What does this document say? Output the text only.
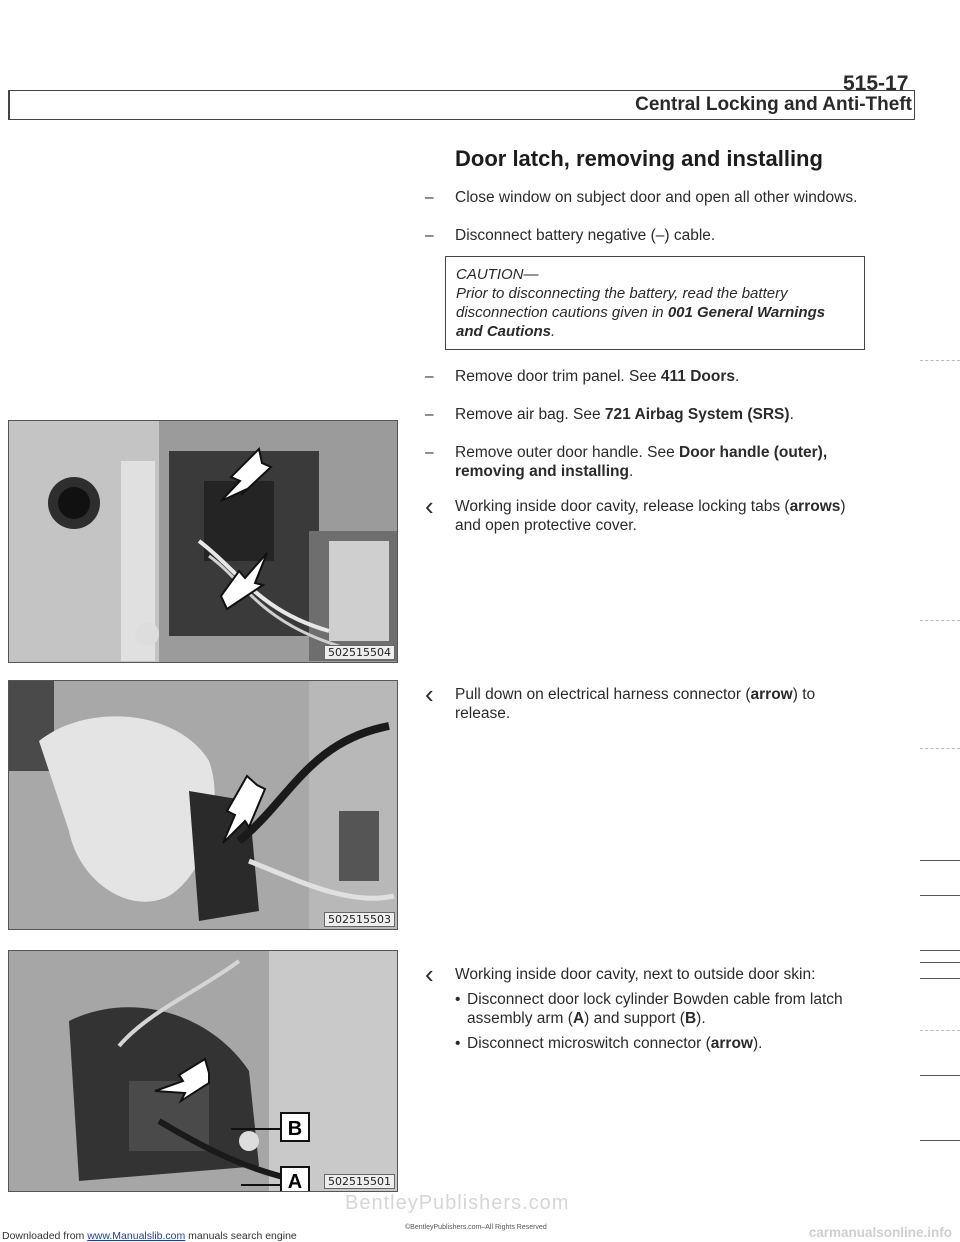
515-17
Central Locking and Anti-Theft
Door latch, removing and installing
–	Close window on subject door and open all other windows.
–	Disconnect battery negative (–) cable.
CAUTION—
Prior to disconnecting the battery, read the battery disconnection cautions given in 001 General Warnings and Cautions.
–	Remove door trim panel. See 411 Doors.
–	Remove air bag. See 721 Airbag System (SRS).
–	Remove outer door handle. See Door handle (outer), removing and installing.
‹ Working inside door cavity, release locking tabs (arrows) and open protective cover.
‹ Pull down on electrical harness connector (arrow) to release.
‹ Working inside door cavity, next to outside door skin:
• Disconnect door lock cylinder Bowden cable from latch assembly arm (A) and support (B).
• Disconnect microswitch connector (arrow).
502515504
502515503
B
A	502515501
BentleyPublishers.com
©BentleyPublishers.com–All Rights Reserved
Downloaded from www.Manualslib.com manuals search engine	carmanualsonline.info
